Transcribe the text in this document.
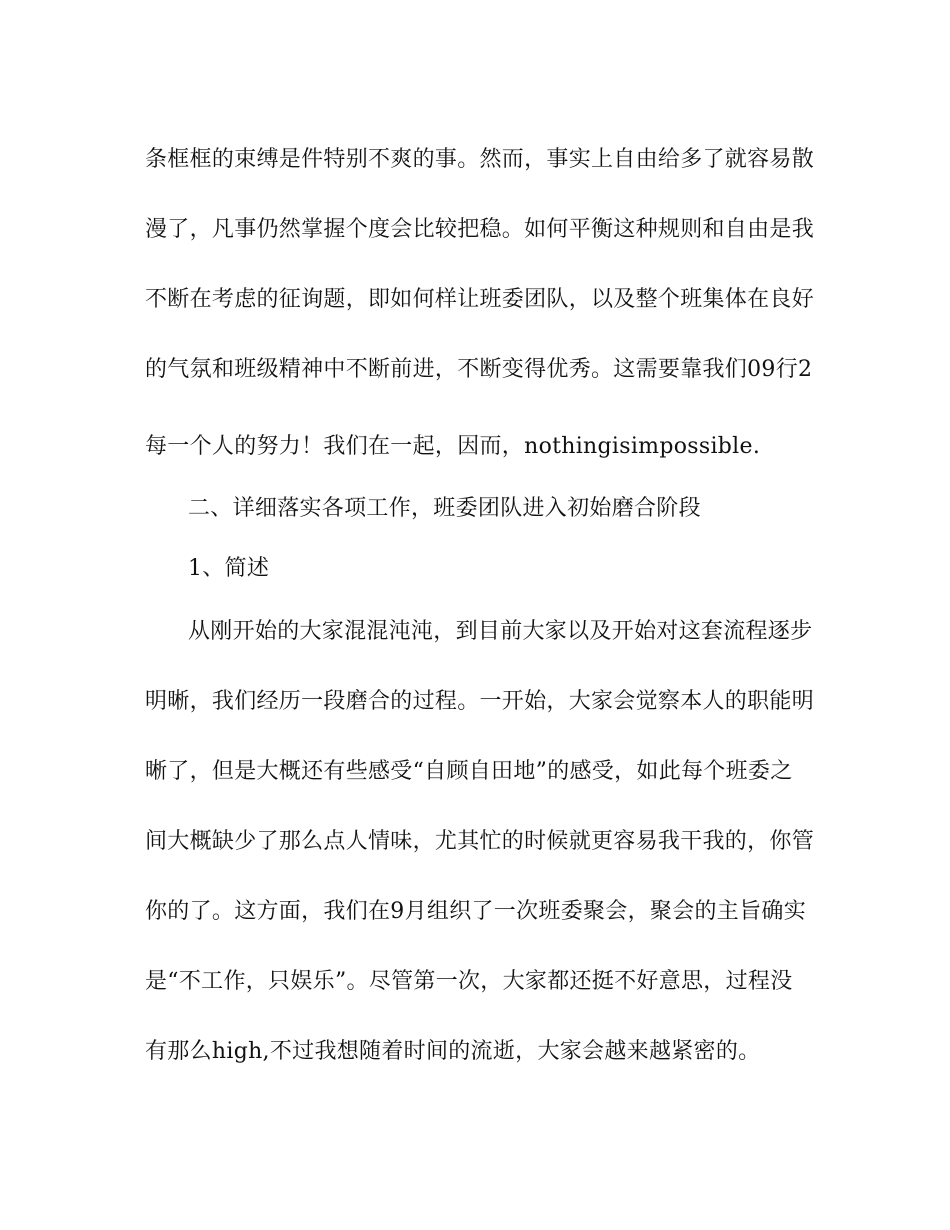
条框框的束缚是件特别不爽的事。然而，事实上自由给多了就容易散
漫了，凡事仍然掌握个度会比较把稳。如何平衡这种规则和自由是我
不断在考虑的征询题，即如何样让班委团队，以及整个班集体在良好
的气氛和班级精神中不断前进，不断变得优秀。这需要靠我们09行2
每一个人的努力！我们在一起，因而，nothingisimpossible.
二、详细落实各项工作，班委团队进入初始磨合阶段
1、简述
从刚开始的大家混混沌沌，到目前大家以及开始对这套流程逐步
明晰，我们经历一段磨合的过程。一开始，大家会觉察本人的职能明
晰了，但是大概还有些感受“自顾自田地”的感受，如此每个班委之
间大概缺少了那么点人情味，尤其忙的时候就更容易我干我的，你管
你的了。这方面，我们在9月组织了一次班委聚会，聚会的主旨确实
是“不工作，只娱乐”。尽管第一次，大家都还挺不好意思，过程没
有那么high,不过我想随着时间的流逝，大家会越来越紧密的。
